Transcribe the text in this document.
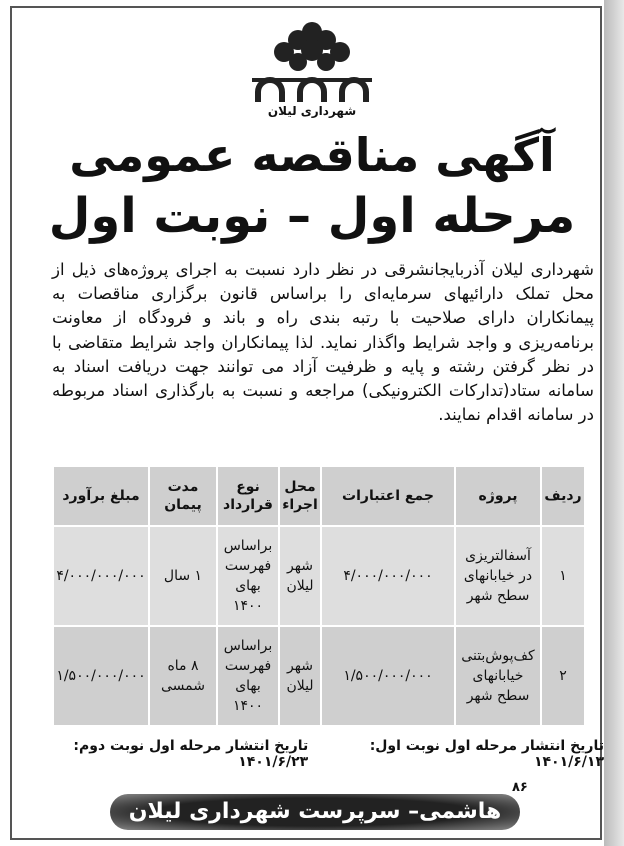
شهرداری لیلان
آگهی مناقصه عمومی
مرحله اول – نوبت اول
شهرداری لیلان آذربایجانشرقی در نظر دارد نسبت به اجرای پروژه‌های ذیل از محل تملک دارائیهای سرمایه‌ای را براساس قانون برگزاری مناقصات به پیمانکاران دارای صلاحیت با رتبه بندی راه و باند و فرودگاه از معاونت برنامه‌ریزی و واجد شرایط واگذار نماید. لذا پیمانکاران واجد شرایط متقاضی با در نظر گرفتن رشته و پایه و ظرفیت آزاد می توانند جهت دریافت اسناد به سامانه ستاد(تدارکات الکترونیکی) مراجعه و نسبت به بارگذاری اسناد مربوطه در سامانه اقدام نمایند.
ردیف	پروژه	جمع اعتبارات	محل اجراء	نوع قرارداد	مدت پیمان	مبلغ برآورد
۱	آسفالتریزی در خیابانهای سطح شهر	۴/۰۰۰/۰۰۰/۰۰۰	شهر لیلان	براساس فهرست بهای ۱۴۰۰	۱ سال	۴/۰۰۰/۰۰۰/۰۰۰
۲	کف‌پوش‌بتنی خیابانهای سطح شهر	۱/۵۰۰/۰۰۰/۰۰۰	شهر لیلان	براساس فهرست بهای ۱۴۰۰	۸ ماه شمسی	۱/۵۰۰/۰۰۰/۰۰۰
تاریخ انتشار مرحله اول نوبت اول: ۱۴۰۱/۶/۱۳
تاریخ انتشار مرحله اول نوبت دوم: ۱۴۰۱/۶/۲۳
۸۶
هاشمی– سرپرست شهرداری لیلان
